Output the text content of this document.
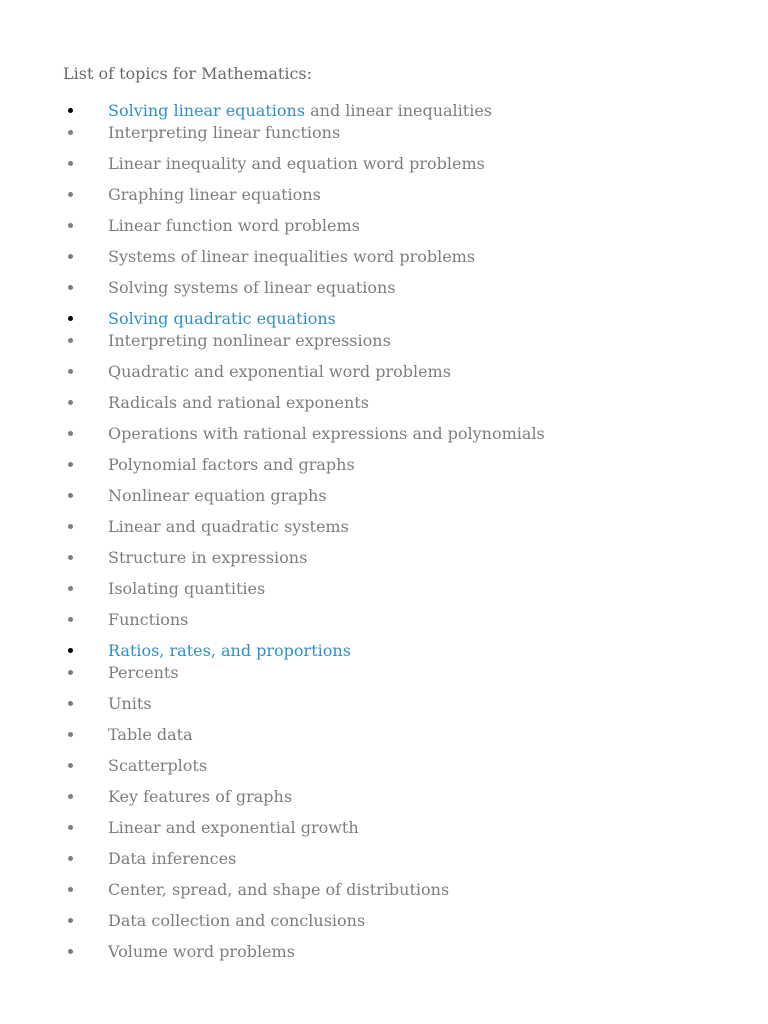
List of topics for Mathematics:
Solving linear equations and linear inequalities
Interpreting linear functions
Linear inequality and equation word problems
Graphing linear equations
Linear function word problems
Systems of linear inequalities word problems
Solving systems of linear equations
Solving quadratic equations
Interpreting nonlinear expressions
Quadratic and exponential word problems
Radicals and rational exponents
Operations with rational expressions and polynomials
Polynomial factors and graphs
Nonlinear equation graphs
Linear and quadratic systems
Structure in expressions
Isolating quantities
Functions
Ratios, rates, and proportions
Percents
Units
Table data
Scatterplots
Key features of graphs
Linear and exponential growth
Data inferences
Center, spread, and shape of distributions
Data collection and conclusions
Volume word problems
